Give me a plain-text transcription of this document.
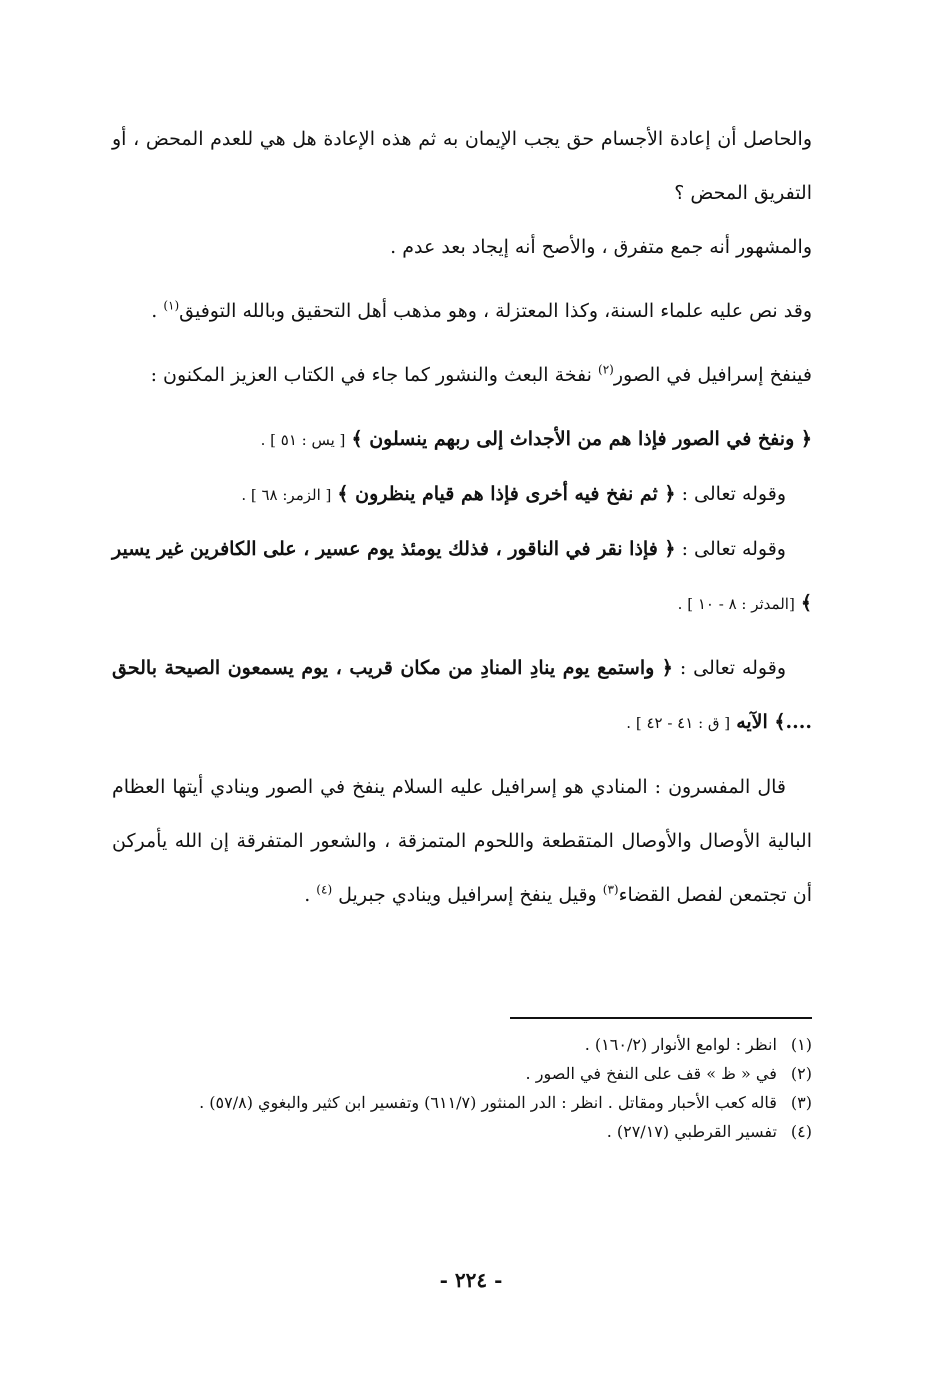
والحاصل أن إعادة الأجسام حق يجب الإيمان به ثم هذه الإعادة هل هي للعدم المحض ، أو التفريق المحض ؟

والمشهور أنه جمع متفرق ، والأصح أنه إيجاد بعد عدم .

وقد نص عليه علماء السنة، وكذا المعتزلة ، وهو مذهب أهل التحقيق وبالله التوفيق$^{(١)}$ .

فينفخ إسرافيل في الصور$^{(٢)}$ نفخة البعث والنشور كما جاء في الكتاب العزيز المكنون :

﴿ ونفخ في الصور فإذا هم من الأجداث إلى ربهم ينسلون ﴾ [ يس : ٥١ ] .

وقوله تعالى : ﴿ ثم نفخ فيه أخرى فإذا هم قيام ينظرون ﴾ [ الزمر: ٦٨ ] .

وقوله تعالى : ﴿ فإذا نقر في الناقور ، فذلك يومئذ يوم عسير ، على الكافرين غير يسير ﴾ [المدثر : ٨ - ١٠ ] .

وقوله تعالى : ﴿ واستمع يوم ينادِ المنادِ من مكان قريب ، يوم يسمعون الصيحة بالحق ....﴾ الآيه [ ق : ٤١ - ٤٢ ] .

قال المفسرون : المنادي هو إسرافيل عليه السلام ينفخ في الصور وينادي أيتها العظام البالية الأوصال والأوصال المتقطعة واللحوم المتمزقة ، والشعور المتفرقة إن الله يأمركن أن تجتمعن لفصل القضاء$^{(٣)}$ وقيل ينفخ إسرافيل وينادي جبريل $^{(٤)}$ .

(١) انظر : لوامع الأنوار (١٦٠/٢) .

(٢) في « ظ » قف على النفخ في الصور .

(٣) قاله كعب الأحبار ومقاتل . انظر : الدر المنثور (٦١١/٧) وتفسير ابن كثير والبغوي (٥٧/٨) .

(٤) تفسير القرطبي (٢٧/١٧) .

- ٢٢٤ -
